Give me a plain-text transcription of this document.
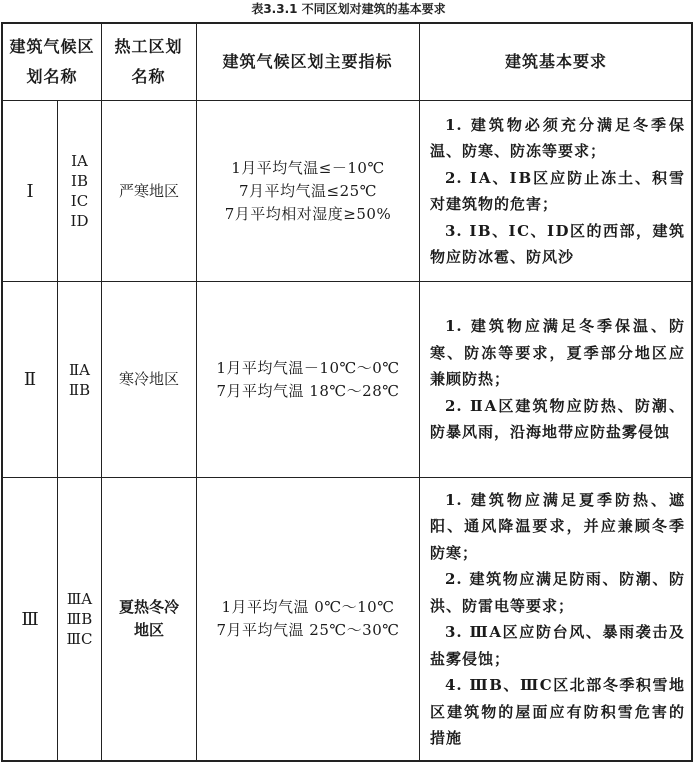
表3.3.1 不同区划对建筑的基本要求
建筑气候区划名称
热工区划名称
建筑气候区划主要指标	建筑基本要求
Ⅰ
ⅠA
ⅠB
ⅠC
ⅠD
严寒地区
1月平均气温≤－10℃
7月平均气温≤25℃
7月平均相对湿度≥50%

1. 建筑物必须充分满足冬季保温、防寒、防冻等要求；

2. ⅠA、ⅠB区应防止冻土、积雪对建筑物的危害；

3. ⅠB、ⅠC、ⅠD区的西部，建筑物应防冰雹、防风沙

Ⅱ	ⅡA
ⅡB
寒冷地区
1月平均气温－10℃～0℃
7月平均气温 18℃～28℃

1. 建筑物应满足冬季保温、防寒、防冻等要求，夏季部分地区应兼顾防热；

2. ⅡA区建筑物应防热、防潮、防暴风雨，沿海地带应防盐雾侵蚀

Ⅲ
ⅢA
ⅢB
ⅢC
夏热冬冷地区
1月平均气温 0℃～10℃
7月平均气温 25℃～30℃

1. 建筑物应满足夏季防热、遮阳、通风降温要求，并应兼顾冬季防寒；

2. 建筑物应满足防雨、防潮、防洪、防雷电等要求；

3. ⅢA区应防台风、暴雨袭击及盐雾侵蚀；

4. ⅢB、ⅢC区北部冬季积雪地区建筑物的屋面应有防积雪危害的措施
